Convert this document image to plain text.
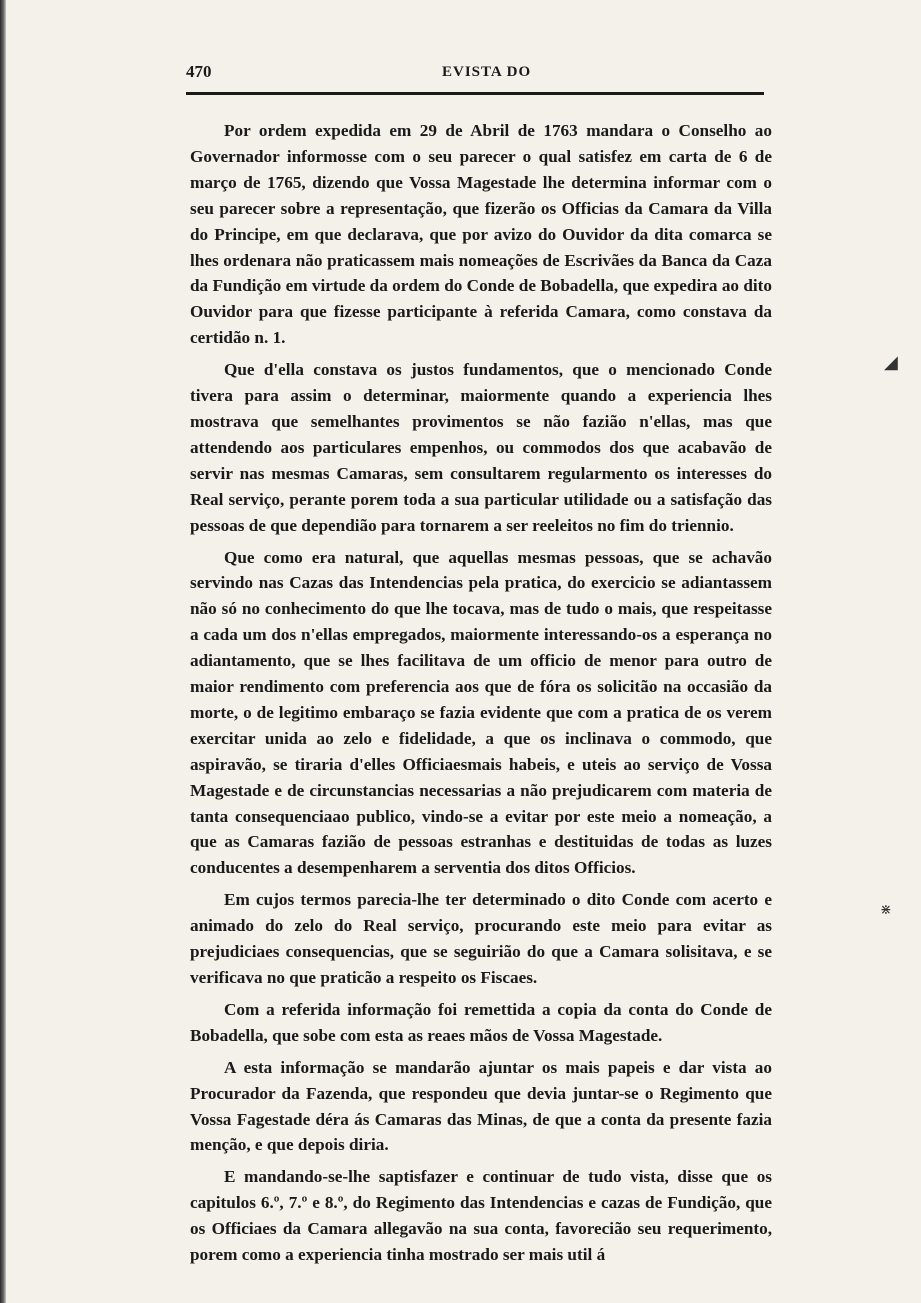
◢
⋇
470	EVISTA DO

Por ordem expedida em 29 de Abril de 1763 mandara o Conselho ao Governador informosse com o seu parecer o qual satisfez em carta de 6 de março de 1765, dizendo que Vossa Magestade lhe determina informar com o seu parecer sobre a representação, que fizerão os Officias da Camara da Villa do Principe, em que declarava, que por avizo do Ouvidor da dita comarca se lhes ordenara não praticassem mais nomeações de Escrivães da Banca da Caza da Fundição em virtude da ordem do Conde de Bobadella, que expedira ao dito Ouvidor para que fizesse participante à referida Camara, como constava da certidão n. 1.

Que d'ella constava os justos fundamentos, que o mencionado Conde tivera para assim o determinar, maiormente quando a experiencia lhes mostrava que semelhantes provimentos se não fazião n'ellas, mas que attendendo aos particulares empenhos, ou commodos dos que acabavão de servir nas mesmas Camaras, sem consultarem regularmento os interesses do Real serviço, perante porem toda a sua particular utilidade ou a satisfação das pessoas de que dependião para tornarem a ser reeleitos no fim do triennio.

Que como era natural, que aquellas mesmas pessoas, que se achavão servindo nas Cazas das Intendencias pela pratica, do exercicio se adiantassem não só no conhecimento do que lhe tocava, mas de tudo o mais, que respeitasse a cada um dos n'ellas empregados, maiormente interessando-os a esperança no adiantamento, que se lhes facilitava de um officio de menor para outro de maior rendimento com preferencia aos que de fóra os solicitão na occasião da morte, o de legitimo embaraço se fazia evidente que com a pratica de os verem exercitar unida ao zelo e fidelidade, a que os inclinava o commodo, que aspiravão, se tiraria d'elles Officiaesmais habeis, e uteis ao serviço de Vossa Magestade e de circunstancias necessarias a não prejudicarem com materia de tanta consequenciaao publico, vindo-se a evitar por este meio a nomeação, a que as Camaras fazião de pessoas estranhas e destituidas de todas as luzes conducentes a desempenharem a serventia dos ditos Officios.

Em cujos termos parecia-lhe ter determinado o dito Conde com acerto e animado do zelo do Real serviço, procurando este meio para evitar as prejudiciaes consequencias, que se seguirião do que a Camara solisitava, e se verificava no que praticão a respeito os Fiscaes.

Com a referida informação foi remettida a copia da conta do Conde de Bobadella, que sobe com esta as reaes mãos de Vossa Magestade.

A esta informação se mandarão ajuntar os mais papeis e dar vista ao Procurador da Fazenda, que respondeu que devia juntar-se o Regimento que Vossa Fagestade déra ás Camaras das Minas, de que a conta da presente fazia menção, e que depois diria.

E mandando-se-lhe saptisfazer e continuar de tudo vista, disse que os capitulos 6.º, 7.º e 8.º, do Regimento das Intendencias e cazas de Fundição, que os Officiaes da Camara allegavão na sua conta, favorecião seu requerimento, porem como a experiencia tinha mostrado ser mais util á
